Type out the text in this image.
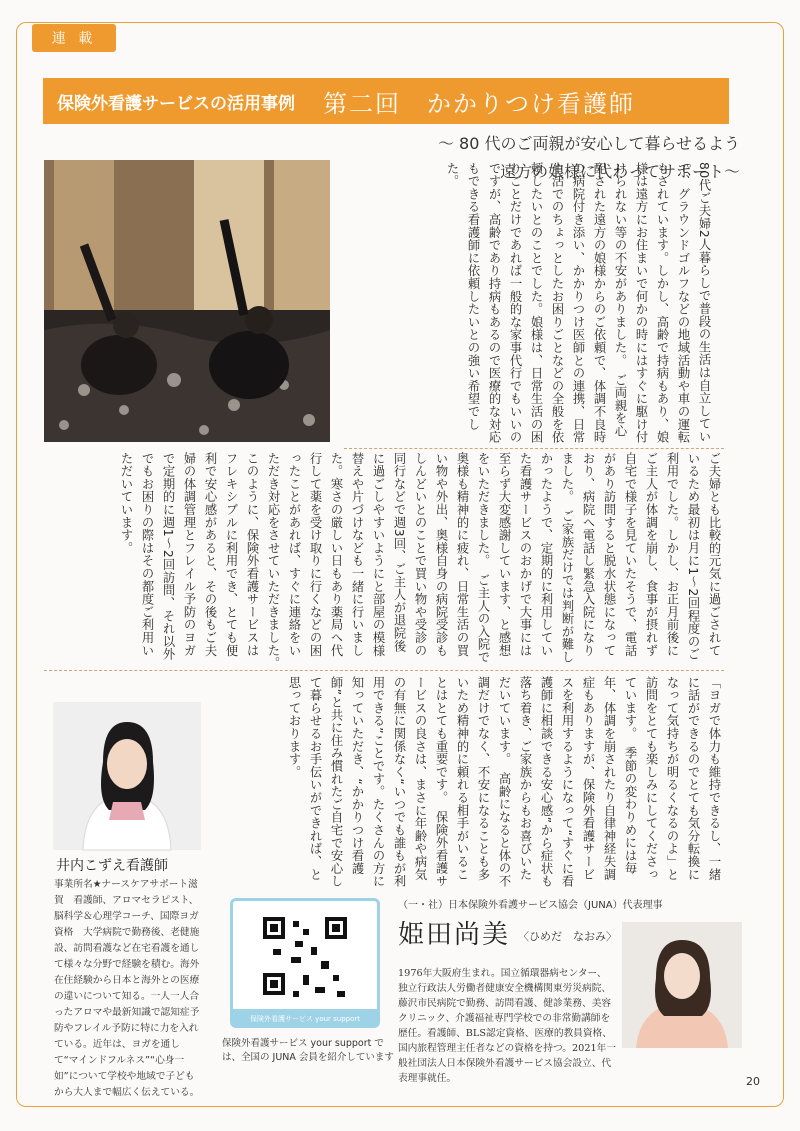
連 載
保険外看護サービスの活用事例 第二回　かかりつけ看護師
～ 80 代のご両親が安心して暮らせるよう
遠方の娘様に代わってサポート～
80代ご夫婦2人暮らしで普段の生活は自立していて、グラウンドゴルフなどの地域活動や車の運転もされています。しかし、高齢で持病もあり、娘様は遠方にお住まいで何かの時にはすぐに駆け付けられない等の不安がありました。　ご両親を心配された遠方の娘様からのご依頼で、体調不良時の病院付き添い、かかりつけ医師との連携、日常生活でのちょっとしたお困りごとなどの全般を依頼したいとのことでした。娘様は、日常生活の困りごとだけであれば一般的な家事代行でもいいのですが、高齢であり持病もあるので医療的な対応もできる看護師に依頼したいとの強い希望でした。
ご夫婦とも比較的元気に過ごされているため最初は月に1～2回程度のご利用でした。しかし、お正月前後にご主人が体調を崩し、食事が摂れず自宅で様子を見ていたそうで、電話があり訪問すると脱水状態になっており、病院へ電話し緊急入院になりました。　ご家族だけでは判断が難しかったようで、定期的に利用していた看護サービスのおかげで大事には至らず大変感謝しています、と感想をいただきました。　ご主人の入院で奥様も精神的に疲れ、日常生活の買い物や外出、奥様自身の病院受診もしんどいとのことで買い物や受診の同行などで週3回、ご主人が退院後に過ごしやすいようにと部屋の模様替えや片づけなども一緒に行いました。寒さの厳しい日もあり薬局へ代行して薬を受け取りに行くなどの困ったことがあれば、すぐに連絡をいただき対応をさせていただきました。　このように、保険外看護サービスはフレキシブルに利用でき、とても便利で安心感があると、その後もご夫婦の体調管理とフレイル予防のヨガで定期的に週1～2回訪問、それ以外でもお困りの際はその都度ご利用いただいています。
「ヨガで体力も維持できるし、一緒に話ができるのでとても気分転換になって気持ちが明るくなるのよ」と訪問をとても楽しみにしてくださっています。　季節の変わりめには毎年、体調を崩されたり自律神経失調症もありますが、保険外看護サービスを利用するようになって“すぐに看護師に相談できる安心感”から症状も落ち着き、ご家族からもお喜びいただいています。　高齢になると体の不調だけでなく、不安になることも多いため精神的に頼れる相手がいることはとても重要です。　保険外看護サービスの良さは、まさに年齢や病気の有無に関係なく“いつでも誰もが利用できる”ことです。たくさんの方に知っていただき、“かかりつけ看護師”と共に住み慣れたご自宅で安心して暮らせるお手伝いができれば、と思っております。
井内こずえ看護師
事業所名★ナースケアサポート滋賀　看護師、アロマセラピスト、脳科学＆心理学コーチ、国際ヨガ資格　大学病院で勤務後、老健施設、訪問看護など在宅看護を通して様々な分野で経験を積む。海外在住経験から日本と海外との医療の違いについて知る。一人一人合ったアロマや最新知識で認知症予防やフレイル予防に特に力を入れている。近年は、ヨガを通して“マインドフルネス”“心身一如”について学校や地域で子どもから大人まで幅広く伝えている。
保険外看護サービス your support
保険外看護サービス your support では、全国の JUNA 会員を紹介しています
（一・社）日本保険外看護サービス協会（JUNA）代表理事
姫田尚美 〈ひめだ　なおみ〉
1976年大阪府生まれ。国立循環器病センター、独立行政法人労働者健康安全機構関東労災病院、藤沢市民病院で勤務、訪問看護、健診業務、美容クリニック、介護福祉専門学校での非常勤講師を歴任。看護師、BLS認定資格、医療的教員資格、国内旅程管理主任者などの資格を持つ。2021年一般社団法人日本保険外看護サービス協会設立、代表理事就任。	20
